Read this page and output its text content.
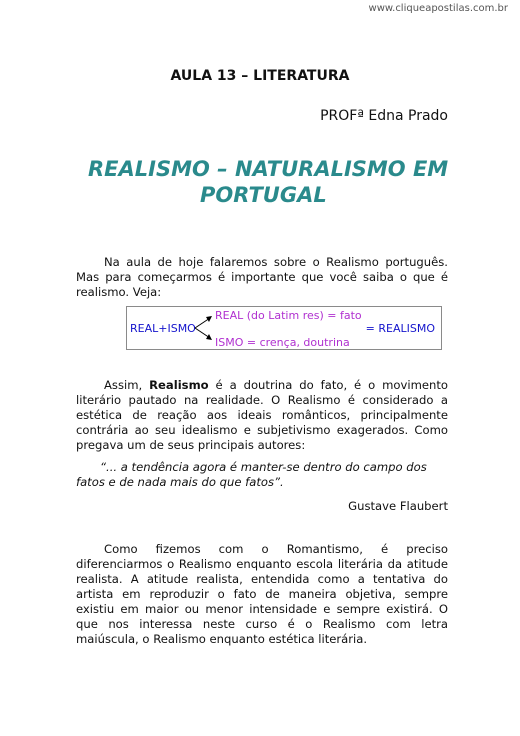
www.cliqueapostilas.com.br
AULA 13 – LITERATURA
PROFª Edna Prado
REALISMO – NATURALISMO EM
PORTUGAL

Na aula de hoje falaremos sobre o Realismo português. Mas para começarmos é importante que você saiba o que é realismo. Veja:

REAL+ISMO
REAL (do Latim res) = fato
ISMO = crença, doutrina
= REALISMO

Assim, Realismo é a doutrina do fato, é o movimento literário pautado na realidade. O Realismo é considerado a estética de reação aos ideais românticos, principalmente contrária ao seu idealismo e subjetivismo exagerados. Como pregava um de seus principais autores:

“... a tendência agora é manter-se dentro do campo dos fatos e de nada mais do que fatos”.

Gustave Flaubert

Como fizemos com o Romantismo, é preciso diferenciarmos o Realismo enquanto escola literária da atitude realista. A atitude realista, entendida como a tentativa do artista em reproduzir o fato de maneira objetiva, sempre existiu em maior ou menor intensidade e sempre existirá. O que nos interessa neste curso é o Realismo com letra maiúscula, o Realismo enquanto estética literária.
